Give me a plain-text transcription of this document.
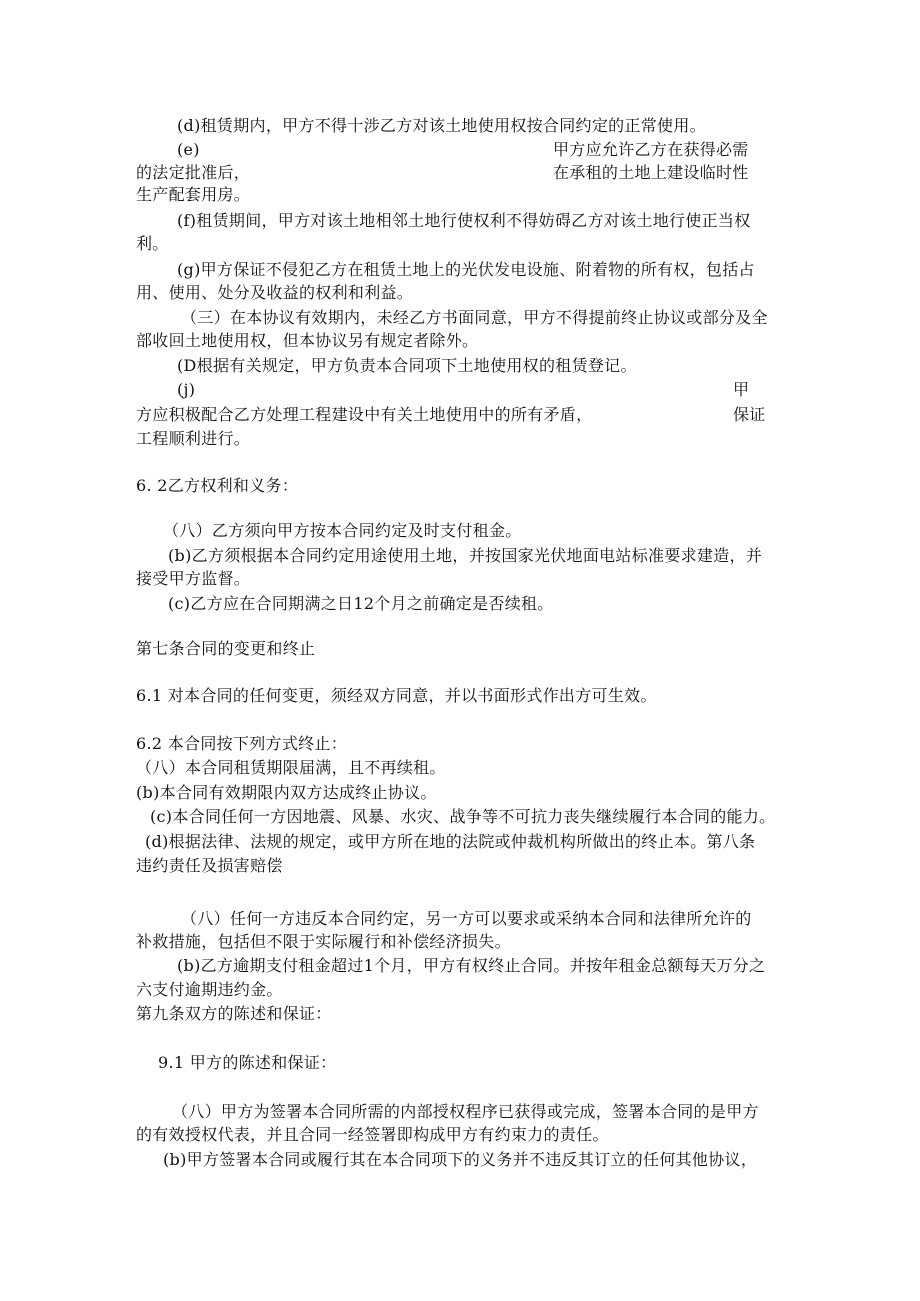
(d)租赁期内，甲方不得十涉乙方对该土地使用权按合同约定的正常使用。
(e)	甲方应允许乙方在获得必需
的法定批准后，	在承租的土地上建设临时性
生产配套用房。
(f)租赁期间，甲方对该土地相邻土地行使权利不得妨碍乙方对该土地行使正当权
利。
(g)甲方保证不侵犯乙方在租赁土地上的光伏发电设施、附着物的所有权，包括占
用、使用、处分及收益的权利和利益。
（三）在本协议有效期内，未经乙方书面同意，甲方不得提前终止协议或部分及全
部收回土地使用权，但本协议另有规定者除外。
(D根据有关规定，甲方负责本合同项下土地使用权的租赁登记。
(j)	甲
方应积极配合乙方处理工程建设中有关土地使用中的所有矛盾，	保证
工程顺利进行。
6. 2乙方权利和义务：
（八）乙方须向甲方按本合同约定及时支付租金。
(b)乙方须根据本合同约定用途使用土地，并按国家光伏地面电站标准要求建造，并
接受甲方监督。
(c)乙方应在合同期满之日12个月之前确定是否续租。
第七条合同的变更和终止
6.1 对本合同的任何变更，须经双方同意，并以书面形式作出方可生效。
6.2 本合同按下列方式终止：
（八）本合同租赁期限届满，且不再续租。
(b)本合同有效期限内双方达成终止协议。
(c)本合同任何一方因地震、风暴、水灾、战争等不可抗力丧失继续履行本合同的能力。
(d)根据法律、法规的规定，或甲方所在地的法院或仲裁机构所做出的终止本。第八条
违约责任及损害赔偿
（八）任何一方违反本合同约定，另一方可以要求或采纳本合同和法律所允许的
补救措施，包括但不限于实际履行和补偿经济损失。
(b)乙方逾期支付租金超过1个月，甲方有权终止合同。并按年租金总额每天万分之
六支付逾期违约金。
第九条双方的陈述和保证：
9.1 甲方的陈述和保证：
（八）甲方为签署本合同所需的内部授权程序已获得或完成，签署本合同的是甲方
的有效授权代表，并且合同一经签署即构成甲方有约束力的责任。
(b)甲方签署本合同或履行其在本合同项下的义务并不违反其订立的任何其他协议，
